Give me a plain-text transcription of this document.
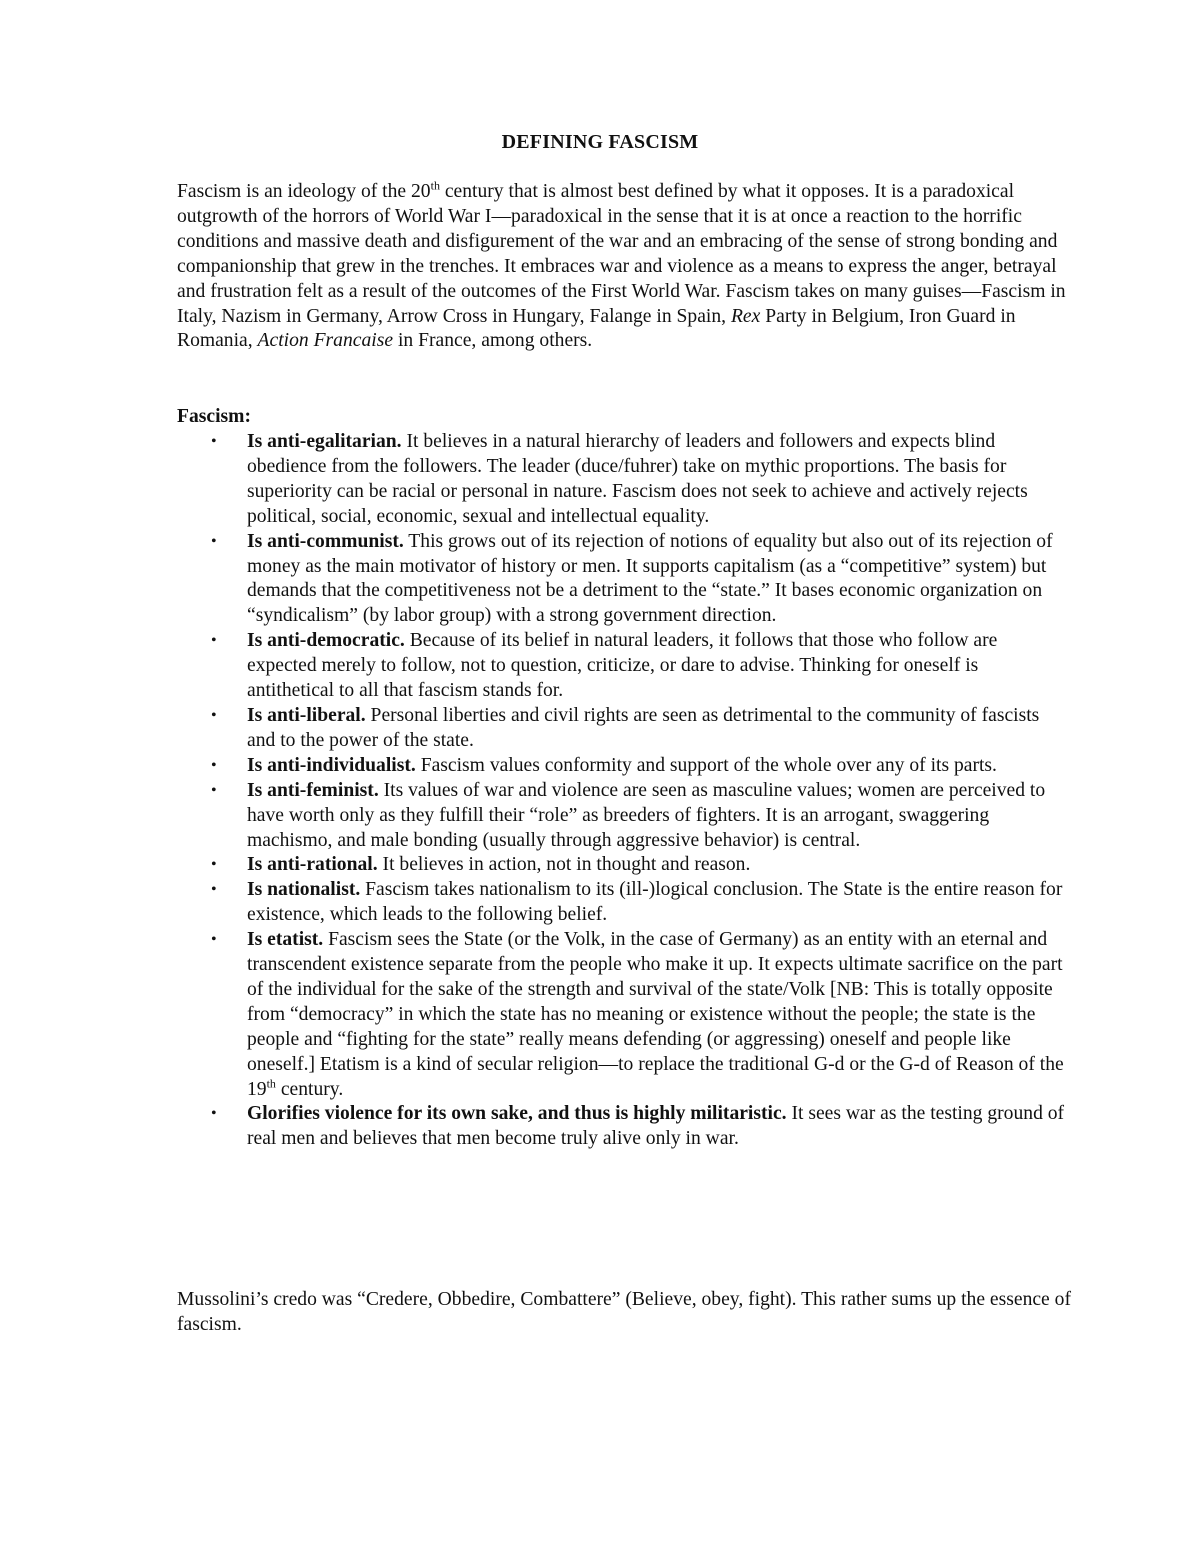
DEFINING FASCISM

Fascism is an ideology of the 20th century that is almost best defined by what it opposes. It is a paradoxical outgrowth of the horrors of World War I—paradoxical in the sense that it is at once a reaction to the horrific conditions and massive death and disfigurement of the war and an embracing of the sense of strong bonding and companionship that grew in the trenches. It embraces war and violence as a means to express the anger, betrayal and frustration felt as a result of the outcomes of the First World War. Fascism takes on many guises—Fascism in Italy, Nazism in Germany, Arrow Cross in Hungary, Falange in Spain, Rex Party in Belgium, Iron Guard in Romania, Action Francaise in France, among others.

Fascism:

• Is anti-egalitarian. It believes in a natural hierarchy of leaders and followers and expects blind obedience from the followers. The leader (duce/fuhrer) take on mythic proportions. The basis for superiority can be racial or personal in nature. Fascism does not seek to achieve and actively rejects political, social, economic, sexual and intellectual equality.
• Is anti-communist. This grows out of its rejection of notions of equality but also out of its rejection of money as the main motivator of history or men. It supports capitalism (as a “competitive” system) but demands that the competitiveness not be a detriment to the “state.” It bases economic organization on “syndicalism” (by labor group) with a strong government direction.
• Is anti-democratic. Because of its belief in natural leaders, it follows that those who follow are expected merely to follow, not to question, criticize, or dare to advise. Thinking for oneself is antithetical to all that fascism stands for.
• Is anti-liberal. Personal liberties and civil rights are seen as detrimental to the community of fascists and to the power of the state.
• Is anti-individualist. Fascism values conformity and support of the whole over any of its parts.
• Is anti-feminist. Its values of war and violence are seen as masculine values; women are perceived to have worth only as they fulfill their “role” as breeders of fighters. It is an arrogant, swaggering machismo, and male bonding (usually through aggressive behavior) is central.
• Is anti-rational. It believes in action, not in thought and reason.
• Is nationalist. Fascism takes nationalism to its (ill-)logical conclusion. The State is the entire reason for existence, which leads to the following belief.
• Is etatist. Fascism sees the State (or the Volk, in the case of Germany) as an entity with an eternal and transcendent existence separate from the people who make it up. It expects ultimate sacrifice on the part of the individual for the sake of the strength and survival of the state/Volk [NB: This is totally opposite from “democracy” in which the state has no meaning or existence without the people; the state is the people and “fighting for the state” really means defending (or aggressing) oneself and people like oneself.] Etatism is a kind of secular religion—to replace the traditional G-d or the G-d of Reason of the 19th century.
• Glorifies violence for its own sake, and thus is highly militaristic. It sees war as the testing ground of real men and believes that men become truly alive only in war.

Mussolini’s credo was “Credere, Obbedire, Combattere” (Believe, obey, fight). This rather sums up the essence of fascism.
